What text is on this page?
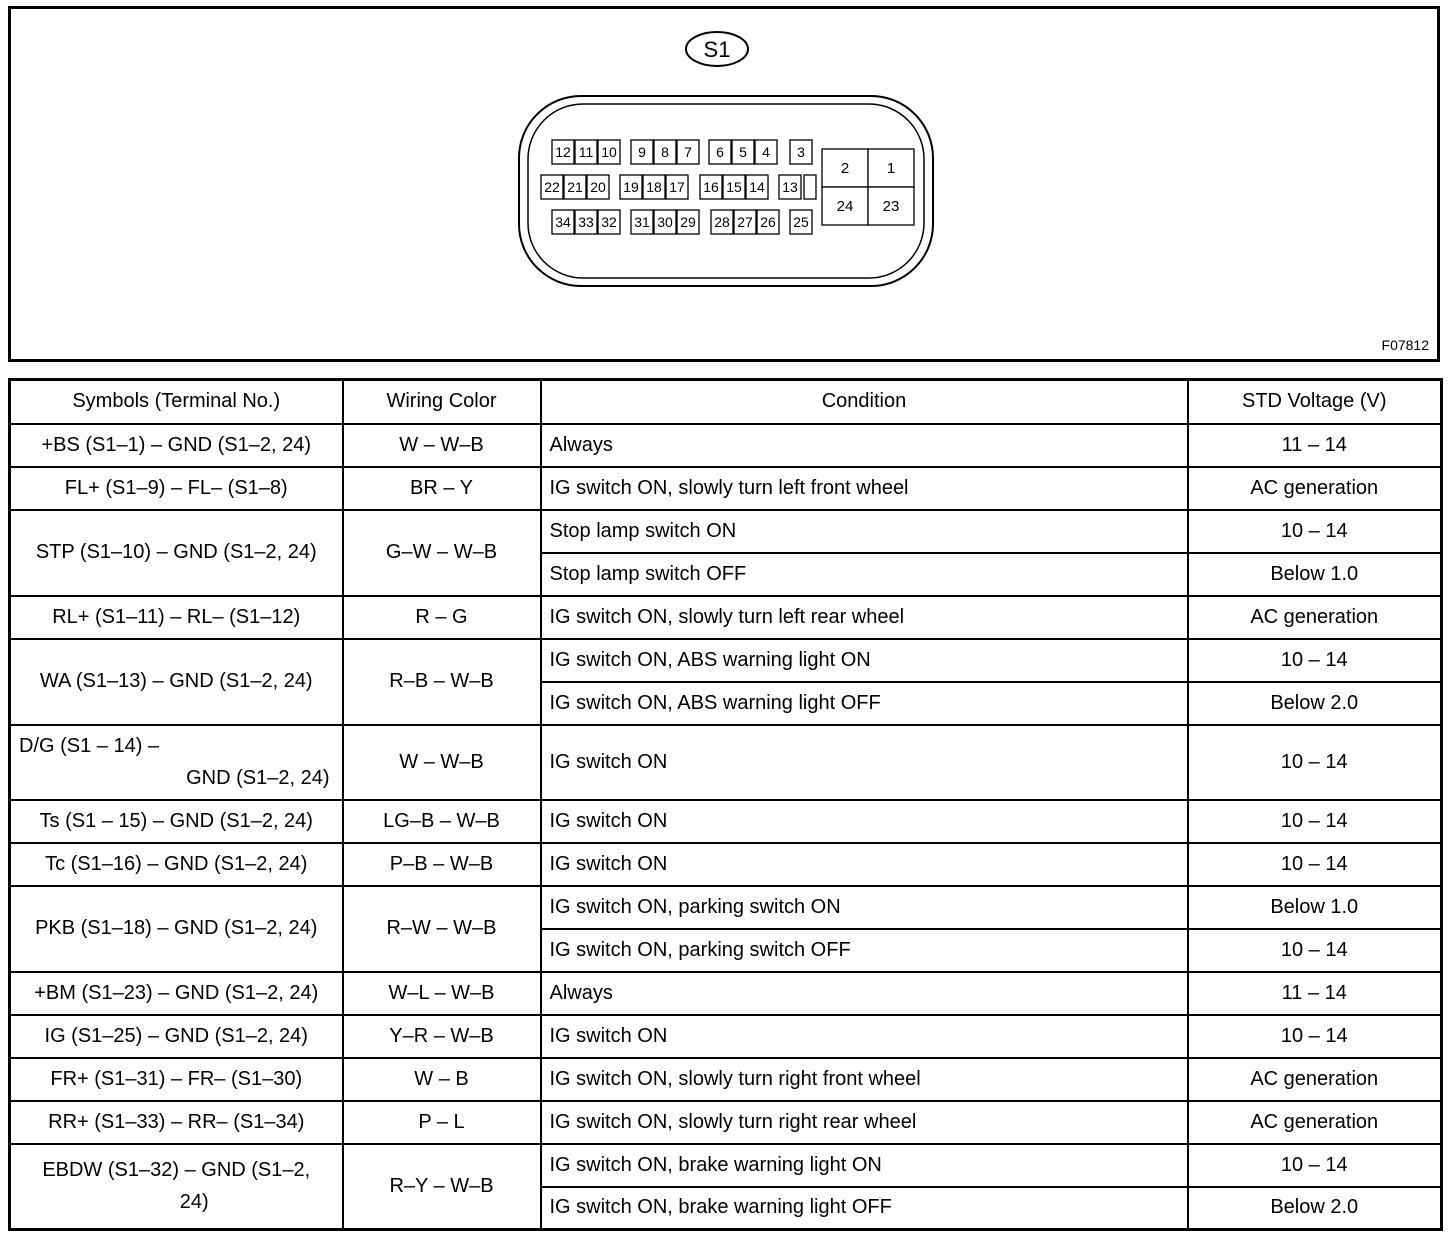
S1
12 11 10 9 8 7 6 5 4 3
22 21 20 19 18 17 16 15 14 13
34 33 32 31 30 29 28 27 26 25
2	1
24 23
F07812
Symbols (Terminal No.)	Wiring Color	Condition	STD Voltage (V)
+BS (S1–1) – GND (S1–2, 24)	W – W–B	Always	11 – 14
FL+ (S1–9) – FL– (S1–8)	BR – Y	IG switch ON, slowly turn left front wheel	AC generation
STP (S1–10) – GND (S1–2, 24)	G–W – W–B	Stop lamp switch ON	10 – 14
		Stop lamp switch OFF	Below 1.0
RL+ (S1–11) – RL– (S1–12)	R – G	IG switch ON, slowly turn left rear wheel	AC generation
WA (S1–13) – GND (S1–2, 24)	R–B – W–B	IG switch ON, ABS warning light ON	10 – 14
		IG switch ON, ABS warning light OFF	Below 2.0

D/G (S1 – 14) –
GND (S1–2, 24)	W – W–B	IG switch ON	10 – 14
Ts (S1 – 15) – GND (S1–2, 24)	LG–B – W–B	IG switch ON	10 – 14
Tc (S1–16) – GND (S1–2, 24)	P–B – W–B	IG switch ON	10 – 14
PKB (S1–18) – GND (S1–2, 24)	R–W – W–B	IG switch ON, parking switch ON	Below 1.0
		IG switch ON, parking switch OFF	10 – 14
+BM (S1–23) – GND (S1–2, 24)	W–L – W–B	Always	11 – 14
IG (S1–25) – GND (S1–2, 24)	Y–R – W–B	IG switch ON	10 – 14
FR+ (S1–31) – FR– (S1–30)	W – B	IG switch ON, slowly turn right front wheel	AC generation
RR+ (S1–33) – RR– (S1–34)	P – L	IG switch ON, slowly turn right rear wheel	AC generation

EBDW (S1–32) – GND (S1–2,
24)	R–Y – W–B	IG switch ON, brake warning light ON	10 – 14
		IG switch ON, brake warning light OFF	Below 2.0
